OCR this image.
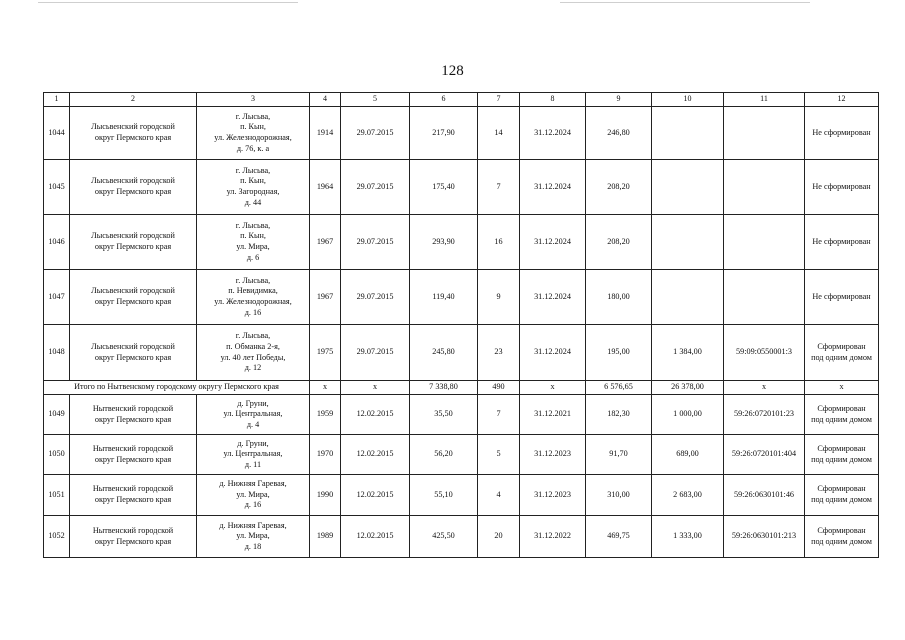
128
1	2	3	4	5	6	7	8	9	10	11	12
1044	Лысьвенский городской
округ Пермского края	г. Лысьва,
п. Кын,
ул. Железнодорожная,
д. 76, к. а	1914	29.07.2015	217,90	14	31.12.2024	246,80			Не сформирован
1045	Лысьвенский городской
округ Пермского края	г. Лысьва,
п. Кын,
ул. Загородная,
д. 44	1964	29.07.2015	175,40	7	31.12.2024	208,20			Не сформирован
1046	Лысьвенский городской
округ Пермского края	г. Лысьва,
п. Кын,
ул. Мира,
д. 6	1967	29.07.2015	293,90	16	31.12.2024	208,20			Не сформирован
1047	Лысьвенский городской
округ Пермского края	г. Лысьва,
п. Невидимка,
ул. Железнодорожная,
д. 16	1967	29.07.2015	119,40	9	31.12.2024	180,00			Не сформирован
1048	Лысьвенский городской
округ Пермского края	г. Лысьва,
п. Обманка 2-я,
ул. 40 лет Победы,
д. 12	1975	29.07.2015	245,80	23	31.12.2024	195,00	1 384,00	59:09:0550001:3	Сформирован
под одним домом
Итого по Нытвенскому городскому округу Пермского края			х	х	7 338,80	490	х	6 576,65	26 378,00	х	х
1049	Нытвенский городской
округ Пермского края	д. Груни,
ул. Центральная,
д. 4	1959	12.02.2015	35,50	7	31.12.2021	182,30	1 000,00	59:26:0720101:23	Сформирован
под одним домом
1050	Нытвенский городской
округ Пермского края	д. Груни,
ул. Центральная,
д. 11	1970	12.02.2015	56,20	5	31.12.2023	91,70	689,00	59:26:0720101:404	Сформирован
под одним домом
1051	Нытвенский городской
округ Пермского края	д. Нижняя Гаревая,
ул. Мира,
д. 16	1990	12.02.2015	55,10	4	31.12.2023	310,00	2 683,00	59:26:0630101:46	Сформирован
под одним домом
1052	Нытвенский городской
округ Пермского края	д. Нижняя Гаревая,
ул. Мира,
д. 18	1989	12.02.2015	425,50	20	31.12.2022	469,75	1 333,00	59:26:0630101:213	Сформирован
под одним домом
